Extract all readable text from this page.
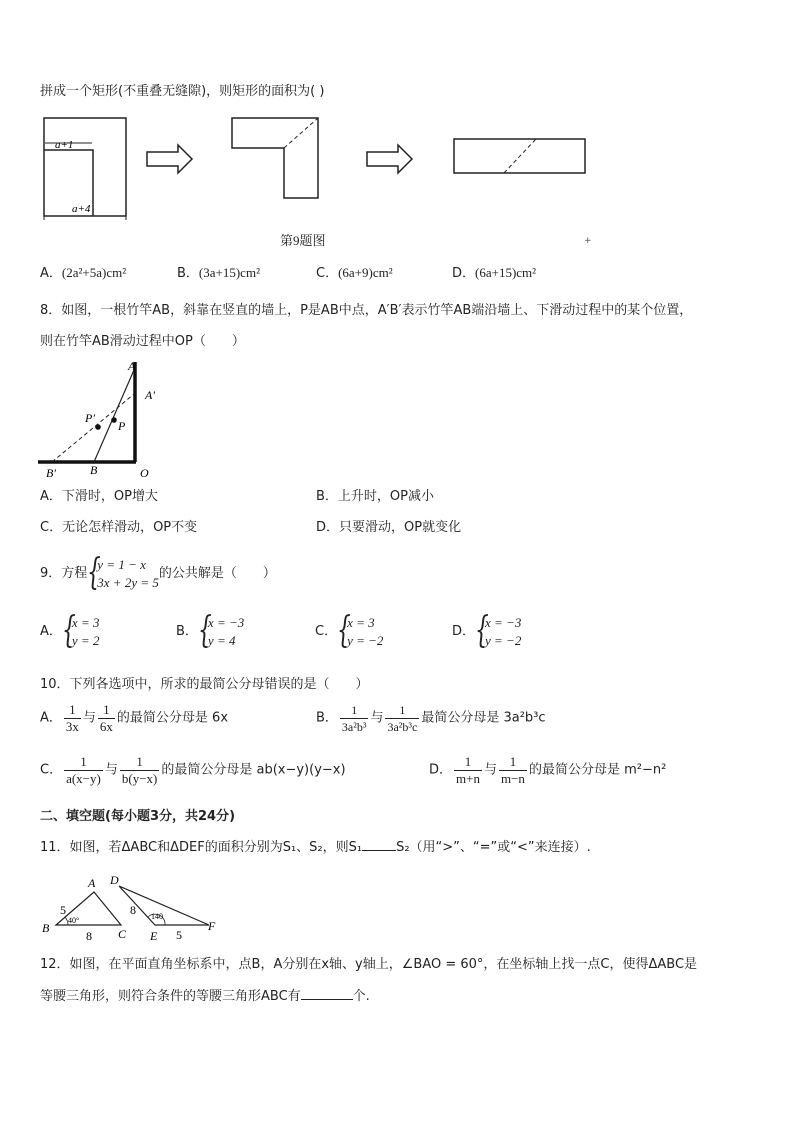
拼成一个矩形(不重叠无缝隙)，则矩形的面积为( )
a+1
a+4
第9题图	+
A．(2a²+5a)cm²	B．(3a+15)cm²	C．(6a+9)cm²	D．(6a+15)cm²
8．如图，一根竹竿AB，斜靠在竖直的墙上，P是AB中点，A′B′表示竹竿AB端沿墙上、下滑动过程中的某个位置，
则在竹竿AB滑动过程中OP（　　）
A
A′
P′
P
B′	B	O
A．下滑时，OP增大	B．上升时，OP减小
C．无论怎样滑动，OP不变	D．只要滑动，OP就变化
9．方程 {
y = 1 − x
3x + 2y = 5
的公共解是（　　）
A． {
x = 3
y = 2
B． {
x = −3
y = 4
C． {
x = 3
y = −2
D． {
x = −3
y = −2
10．下列各选项中，所求的最简公分母错误的是（　　）
A． $\frac{1}{3x}$ 与 $\frac{1}{6x}$ 的最简公分母是 6x	B． $\frac{1}{\text{3a²b³}}$ 与 $\frac{1}{\text{3a²b³c}}$ 最简公分母是 3a²b³c
C． $\frac{1}{a(x-y)}$ 与 $\frac{1}{b(y-x)}$ 的最简公分母是 ab(x−y)(y−x)	D． $\frac{1}{m+n}$ 与 $\frac{1}{m-n}$ 的最简公分母是 m²−n²
二、填空题(每小题3分，共24分)
11．如图，若ΔABC和ΔDEF的面积分别为S₁、S₂，则S₁	S₂（用“>”、“=”或“<”来连接）.
A
B	C
5
40°
8
D
E
F
8 140
5
12．如图，在平面直角坐标系中，点B，A分别在x轴、y轴上，∠BAO = 60°，在坐标轴上找一点C，使得ΔABC是
等腰三角形，则符合条件的等腰三角形ABC有	个.
